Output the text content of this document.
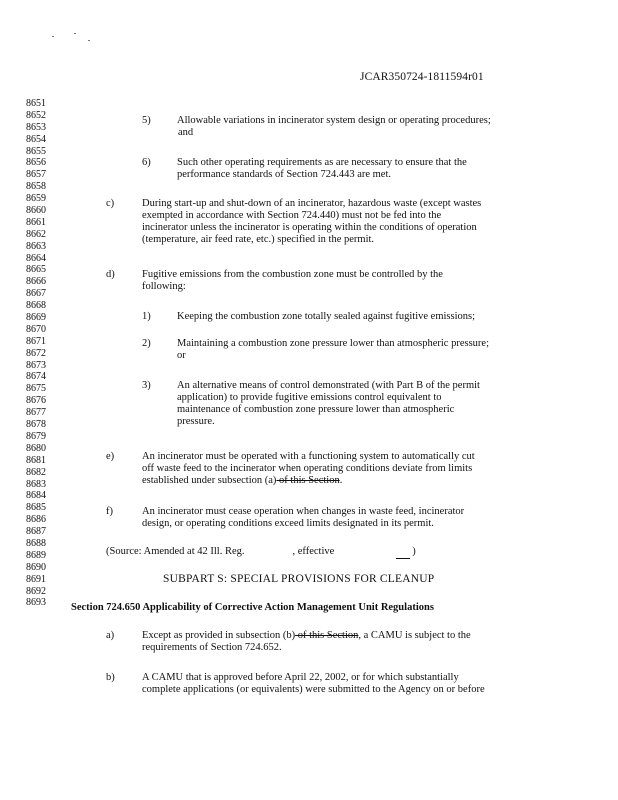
JCAR350724-1811594r01
8651
8652
8653
8654
8655
8656
8657
8658
8659
8660
8661
8662
8663
8664
8665
8666
8667
8668
8669
8670
8671
8672
8673
8674
8675
8676
8677
8678
8679
8680
8681
8682
8683
8684
8685
8686
8687
8688
8689
8690
8691
8692
8693
5)	Allowable variations in incinerator system design or operating procedures;
and
6)	Such other operating requirements as are necessary to ensure that the
performance standards of Section 724.443 are met.
c)	During start-up and shut-down of an incinerator, hazardous waste (except wastes
exempted in accordance with Section 724.440) must not be fed into the
incinerator unless the incinerator is operating within the conditions of operation
(temperature, air feed rate, etc.) specified in the permit.
d)	Fugitive emissions from the combustion zone must be controlled by the
following:
1)	Keeping the combustion zone totally sealed against fugitive emissions;
2)	Maintaining a combustion zone pressure lower than atmospheric pressure;
or
3)	An alternative means of control demonstrated (with Part B of the permit
application) to provide fugitive emissions control equivalent to
maintenance of combustion zone pressure lower than atmospheric
pressure.
e)	An incinerator must be operated with a functioning system to automatically cut
off waste feed to the incinerator when operating conditions deviate from limits
established under subsection (a) of this Section.
f)	An incinerator must cease operation when changes in waste feed, incinerator
design, or operating conditions exceed limits designated in its permit.
(Source: Amended at 42 Ill. Reg.	, effective	)
SUBPART S: SPECIAL PROVISIONS FOR CLEANUP
Section 724.650 Applicability of Corrective Action Management Unit Regulations
a)	Except as provided in subsection (b) of this Section, a CAMU is subject to the
requirements of Section 724.652.
b)	A CAMU that is approved before April 22, 2002, or for which substantially
complete applications (or equivalents) were submitted to the Agency on or before
